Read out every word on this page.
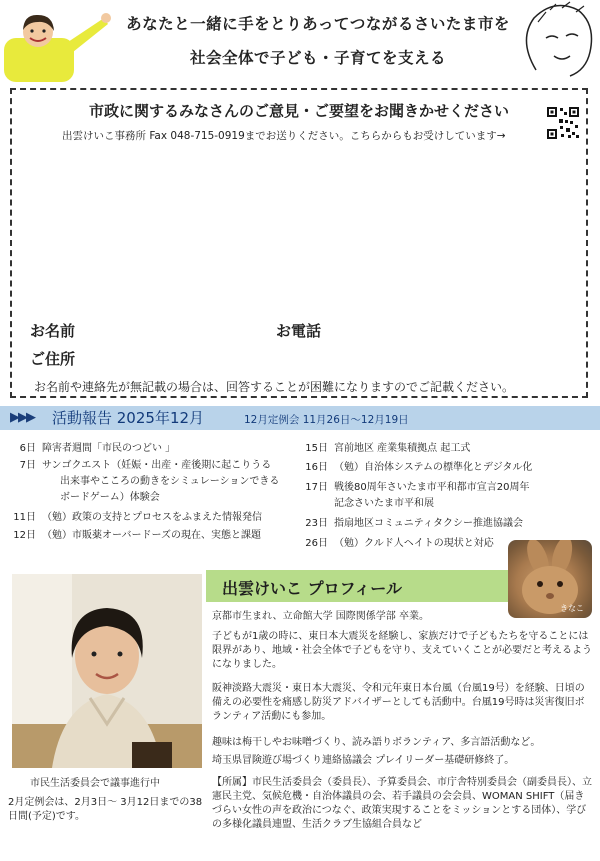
あなたと一緒に手をとりあってつながるさいたま市を
社会全体で子ども・子育てを支える
市政に関するみなさんのご意見・ご要望をお聞きかせください
出雲けいこ事務所 Fax 048-715-0919までお送りください。こちらからもお受けしています→
お名前	お電話
ご住所
お名前や連絡先が無記載の場合は、回答することが困難になりますのでご記載ください。
▶▶▶ 活動報告 2025年12月	12月定例会 11月26日～12月19日
6日 障害者週間「市民のつどい 」
7日 サンゴクエスト（妊娠・出産・産後期に起こりうる
出来事やこころの動きをシミュレーションできる
ボードゲーム）体験会
11日 （勉）政策の支持とプロセスをふまえた情報発信
12日 （勉）市販薬オーバードーズの現在、実態と課題
15日 宮前地区 産業集積拠点 起工式
16日 （勉）自治体システムの標準化とデジタル化
17日 戦後80周年さいたま市平和都市宣言20周年
記念さいたま市平和展
23日 指扇地区コミュニティタクシー推進協議会
26日 （勉）クルド人ヘイトの現状と対応
きなこ
出雲けいこ プロフィール
市民生活委員会で議事進行中
2月定例会は、2月3日～ 3月12日までの38日間(予定)です。
京都市生まれ、立命館大学 国際関係学部 卒業。
子どもが1歳の時に、東日本大震災を経験し、家族だけで子どもたちを守ることには限界があり、地域・社会全体で子どもを守り、支えていくことが必要だと考えるようになりました。
阪神淡路大震災・東日本大震災、令和元年東日本台風（台風19号）を経験、日頃の備えの必要性を痛感し防災アドバイザーとしても活動中。台風19号時は災害復旧ボランティア活動にも参加。
趣味は梅干しやお味噌づくり、読み語りボランティア、多言語活動など。
埼玉県冒険遊び場づくり連絡協議会 プレイリーダー基礎研修終了。
【所属】市民生活委員会（委員長）、予算委員会、市庁舎特別委員会（副委員長）、立憲民主党、気候危機・自治体議員の会、若手議員の会会員、WOMAN SHIFT（届きづらい女性の声を政治につなぐ、政策実現することをミッションとする団体）、学びの多様化議員連盟、生活クラブ生協組合員など
